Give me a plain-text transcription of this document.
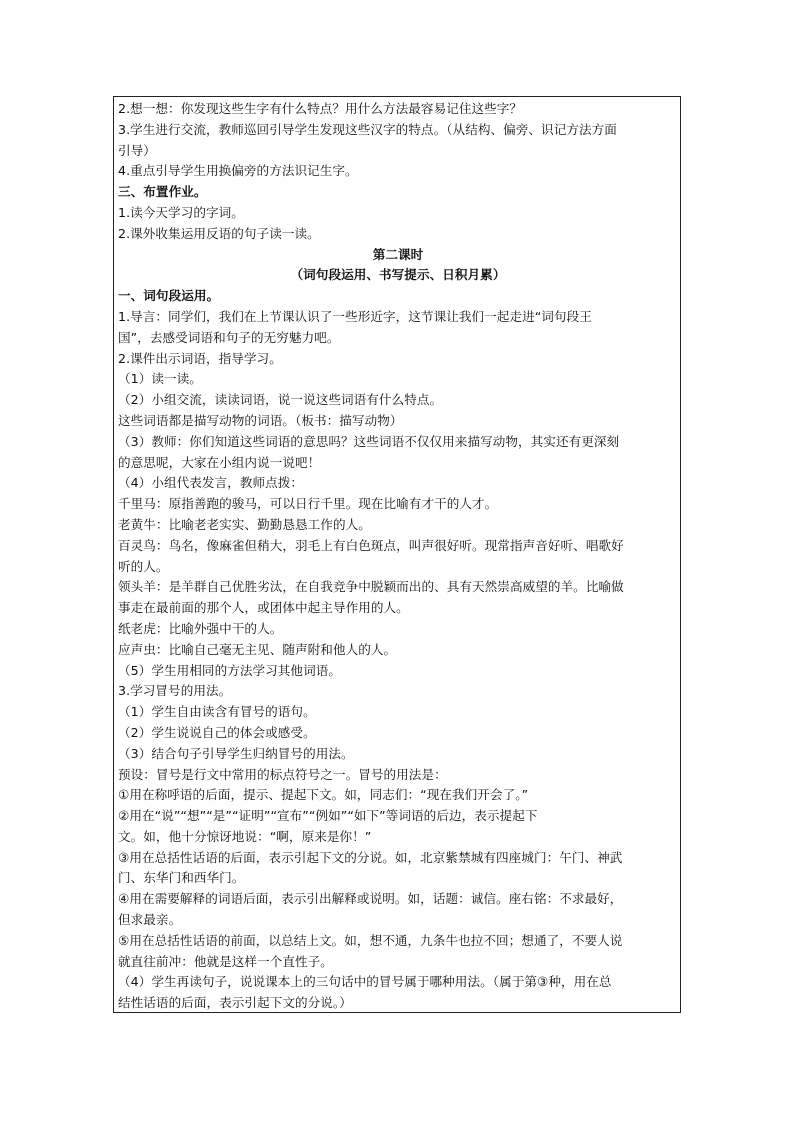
2.想一想：你发现这些生字有什么特点？用什么方法最容易记住这些字？
3.学生进行交流，教师巡回引导学生发现这些汉字的特点。（从结构、偏旁、识记方法方面
引导）
4.重点引导学生用换偏旁的方法识记生字。
三、布置作业。
1.读今天学习的字词。
2.课外收集运用反语的句子读一读。
第二课时
（词句段运用、书写提示、日积月累）
一、词句段运用。
1.导言：同学们，我们在上节课认识了一些形近字，这节课让我们一起走进“词句段王
国”，去感受词语和句子的无穷魅力吧。
2.课件出示词语，指导学习。
（1）读一读。
（2）小组交流，读读词语，说一说这些词语有什么特点。
这些词语都是描写动物的词语。（板书：描写动物）
（3）教师：你们知道这些词语的意思吗？这些词语不仅仅用来描写动物，其实还有更深刻
的意思呢，大家在小组内说一说吧！
（4）小组代表发言，教师点拨：
千里马：原指善跑的骏马，可以日行千里。现在比喻有才干的人才。
老黄牛：比喻老老实实、勤勤恳恳工作的人。
百灵鸟：鸟名，像麻雀但稍大，羽毛上有白色斑点，叫声很好听。现常指声音好听、唱歌好
听的人。
领头羊：是羊群自己优胜劣汰，在自我竞争中脱颖而出的、具有天然崇高威望的羊。比喻做
事走在最前面的那个人，或团体中起主导作用的人。
纸老虎：比喻外强中干的人。
应声虫：比喻自己毫无主见、随声附和他人的人。
（5）学生用相同的方法学习其他词语。
3.学习冒号的用法。
（1）学生自由读含有冒号的语句。
（2）学生说说自己的体会或感受。
（3）结合句子引导学生归纳冒号的用法。
预设：冒号是行文中常用的标点符号之一。冒号的用法是：
①用在称呼语的后面，提示、提起下文。如，同志们：“现在我们开会了。”
②用在“说”“想”“是”“证明”“宣布”“例如”“如下”等词语的后边，表示提起下
文。如，他十分惊讶地说：“啊，原来是你！”
③用在总括性话语的后面，表示引起下文的分说。如，北京紫禁城有四座城门：午门、神武
门、东华门和西华门。
④用在需要解释的词语后面，表示引出解释或说明。如，话题：诚信。座右铭：不求最好，
但求最亲。
⑤用在总括性话语的前面，以总结上文。如，想不通，九条牛也拉不回；想通了，不要人说
就直往前冲：他就是这样一个直性子。
（4）学生再读句子，说说课本上的三句话中的冒号属于哪种用法。（属于第③种，用在总
结性话语的后面，表示引起下文的分说。）
